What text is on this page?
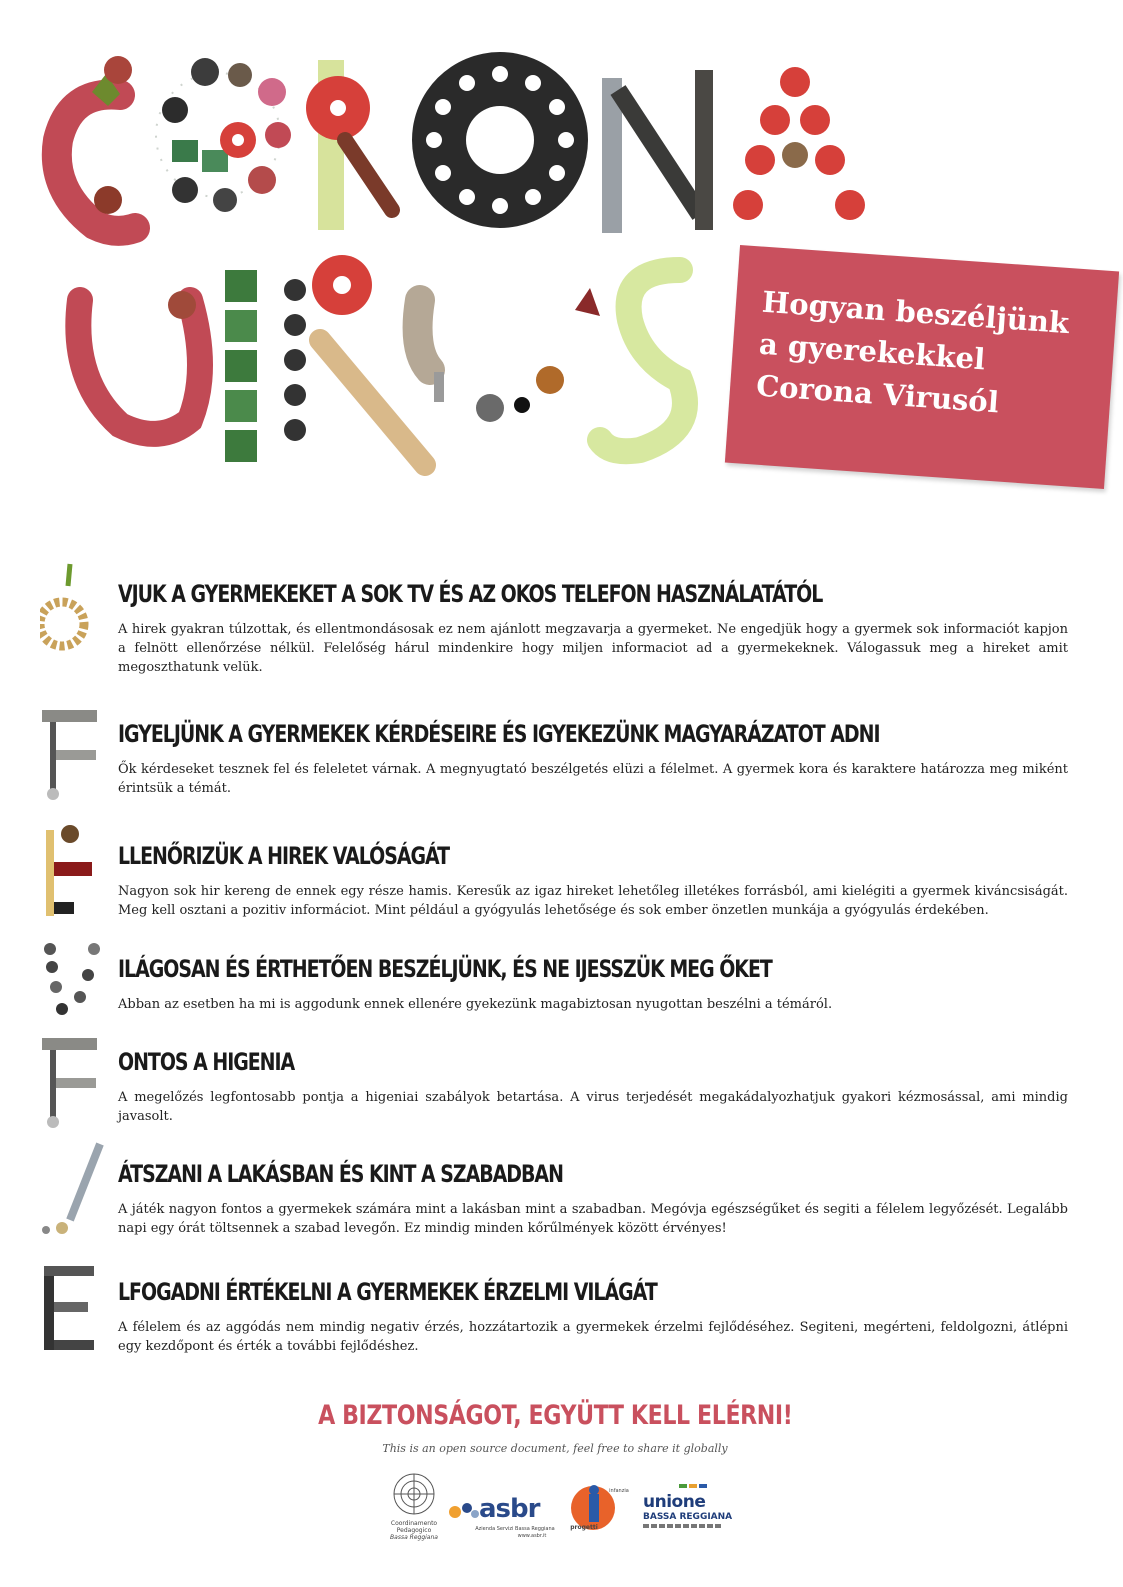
Hogyan beszéljünk
a gyerekekkel
Corona Virusól
VJUK A GYERMEKEKET A SOK TV ÉS AZ OKOS TELEFON HASZNÁLATÁTÓL

A hirek gyakran túlzottak, és ellentmondásosak ez nem ajánlott megzavarja a gyermeket. Ne engedjük hogy a gyermek sok informaciót kapjon a felnött ellenőrzése nélkül. Felelőség hárul mindenkire hogy miljen informaciot ad a gyermekeknek. Válogassuk meg a hireket amit megoszthatunk velük.

IGYELJÜNK A GYERMEKEK KÉRDÉSEIRE ÉS IGYEKEZÜNK MAGYARÁZATOT ADNI

Ők kérdeseket tesznek fel és feleletet várnak. A megnyugtató beszélgetés elüzi a félelmet. A gyermek kora és karaktere határozza meg miként érintsük a témát.

LLENŐRIZÜK A HIREK VALÓSÁGÁT

Nagyon sok hir kereng de ennek egy része hamis. Keresűk az igaz hireket lehetőleg illetékes forrásból, ami kielégiti a gyermek kiváncsiságát. Meg kell osztani a pozitiv informáciot. Mint például a gyógyulás lehetősége és sok ember önzetlen munkája a gyógyulás érdekében.

ILÁGOSAN ÉS ÉRTHETŐEN BESZÉLJÜNK, ÉS NE IJESSZÜK MEG ŐKET

Abban az esetben ha mi is aggodunk ennek ellenére gyekezünk magabiztosan nyugottan beszélni a témáról.

ONTOS A HIGENIA

A megelőzés legfontosabb pontja a higeniai szabályok betartása. A virus terjedését megakádalyozhatjuk gyakori kézmosással, ami mindig javasolt.

ÁTSZANI A LAKÁSBAN ÉS KINT A SZABADBAN

A játék nagyon fontos a gyermekek számára mint a lakásban mint a szabadban. Megóvja egészségűket és segiti a félelem legyőzését. Legalább napi egy órát töltsennek a szabad levegőn. Ez mindig minden kőrűlmények között érvényes!

LFOGADNI ÉRTÉKELNI A GYERMEKEK ÉRZELMI VILÁGÁT

A félelem és az aggódás nem mindig negativ érzés, hozzátartozik a gyermekek érzelmi fejlődéséhez. Segiteni, megérteni, feldolgozni, átlépni egy kezdőpont és érték a további fejlődéshez.

A BIZTONSÁGOT, EGYÜTT KELL ELÉRNI!
This is an open source document, feel free to share it globally
Coordinamento Pedagogico
Bassa Reggiana
asbr
Azienda Servizi Bassa Reggiana
www.asbr.it
progetti
infanzia
unione
BASSA REGGIANA
